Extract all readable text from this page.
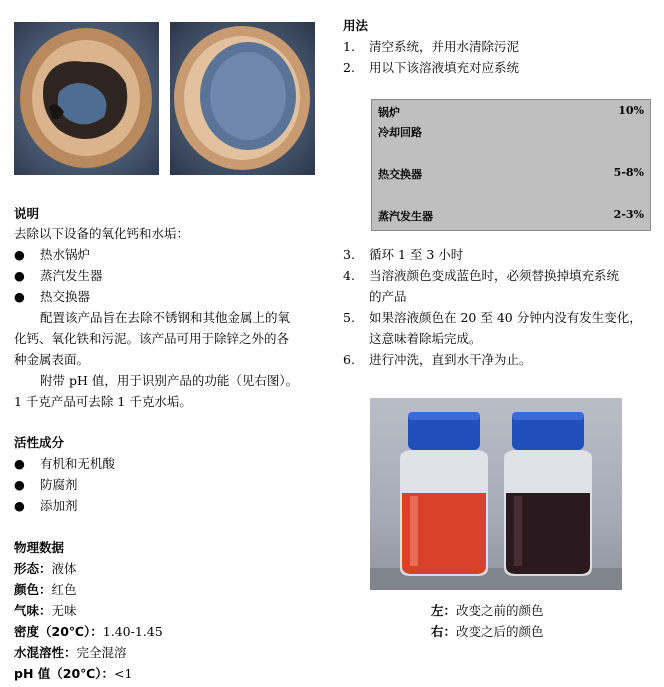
说明
去除以下设备的氧化钙和水垢：
● 热水锅炉
● 蒸汽发生器
● 热交换器
配置该产品旨在去除不锈钢和其他金属上的氧
化钙、氧化铁和污泥。该产品可用于除锌之外的各
种金属表面。
附带 pH 值，用于识别产品的功能（见右图）。
1 千克产品可去除 1 千克水垢。
活性成分
● 有机和无机酸
● 防腐剂
● 添加剂
物理数据
形态：液体
颜色：红色
气味：无味
密度（20℃）：1.40-1.45
水混溶性：完全混溶
pH 值（20℃）：<1
用法
1. 清空系统，并用水清除污泥
2. 用以下该溶液填充对应系统
锅炉	10%
冷却回路
热交换器	5-8%
蒸汽发生器	2-3%
3. 循环 1 至 3 小时
4. 当溶液颜色变成蓝色时，必须替换掉填充系统
的产品
5. 如果溶液颜色在 20 至 40 分钟内没有发生变化，
这意味着除垢完成。
6. 进行冲洗，直到水干净为止。
左：改变之前的颜色
右：改变之后的颜色
